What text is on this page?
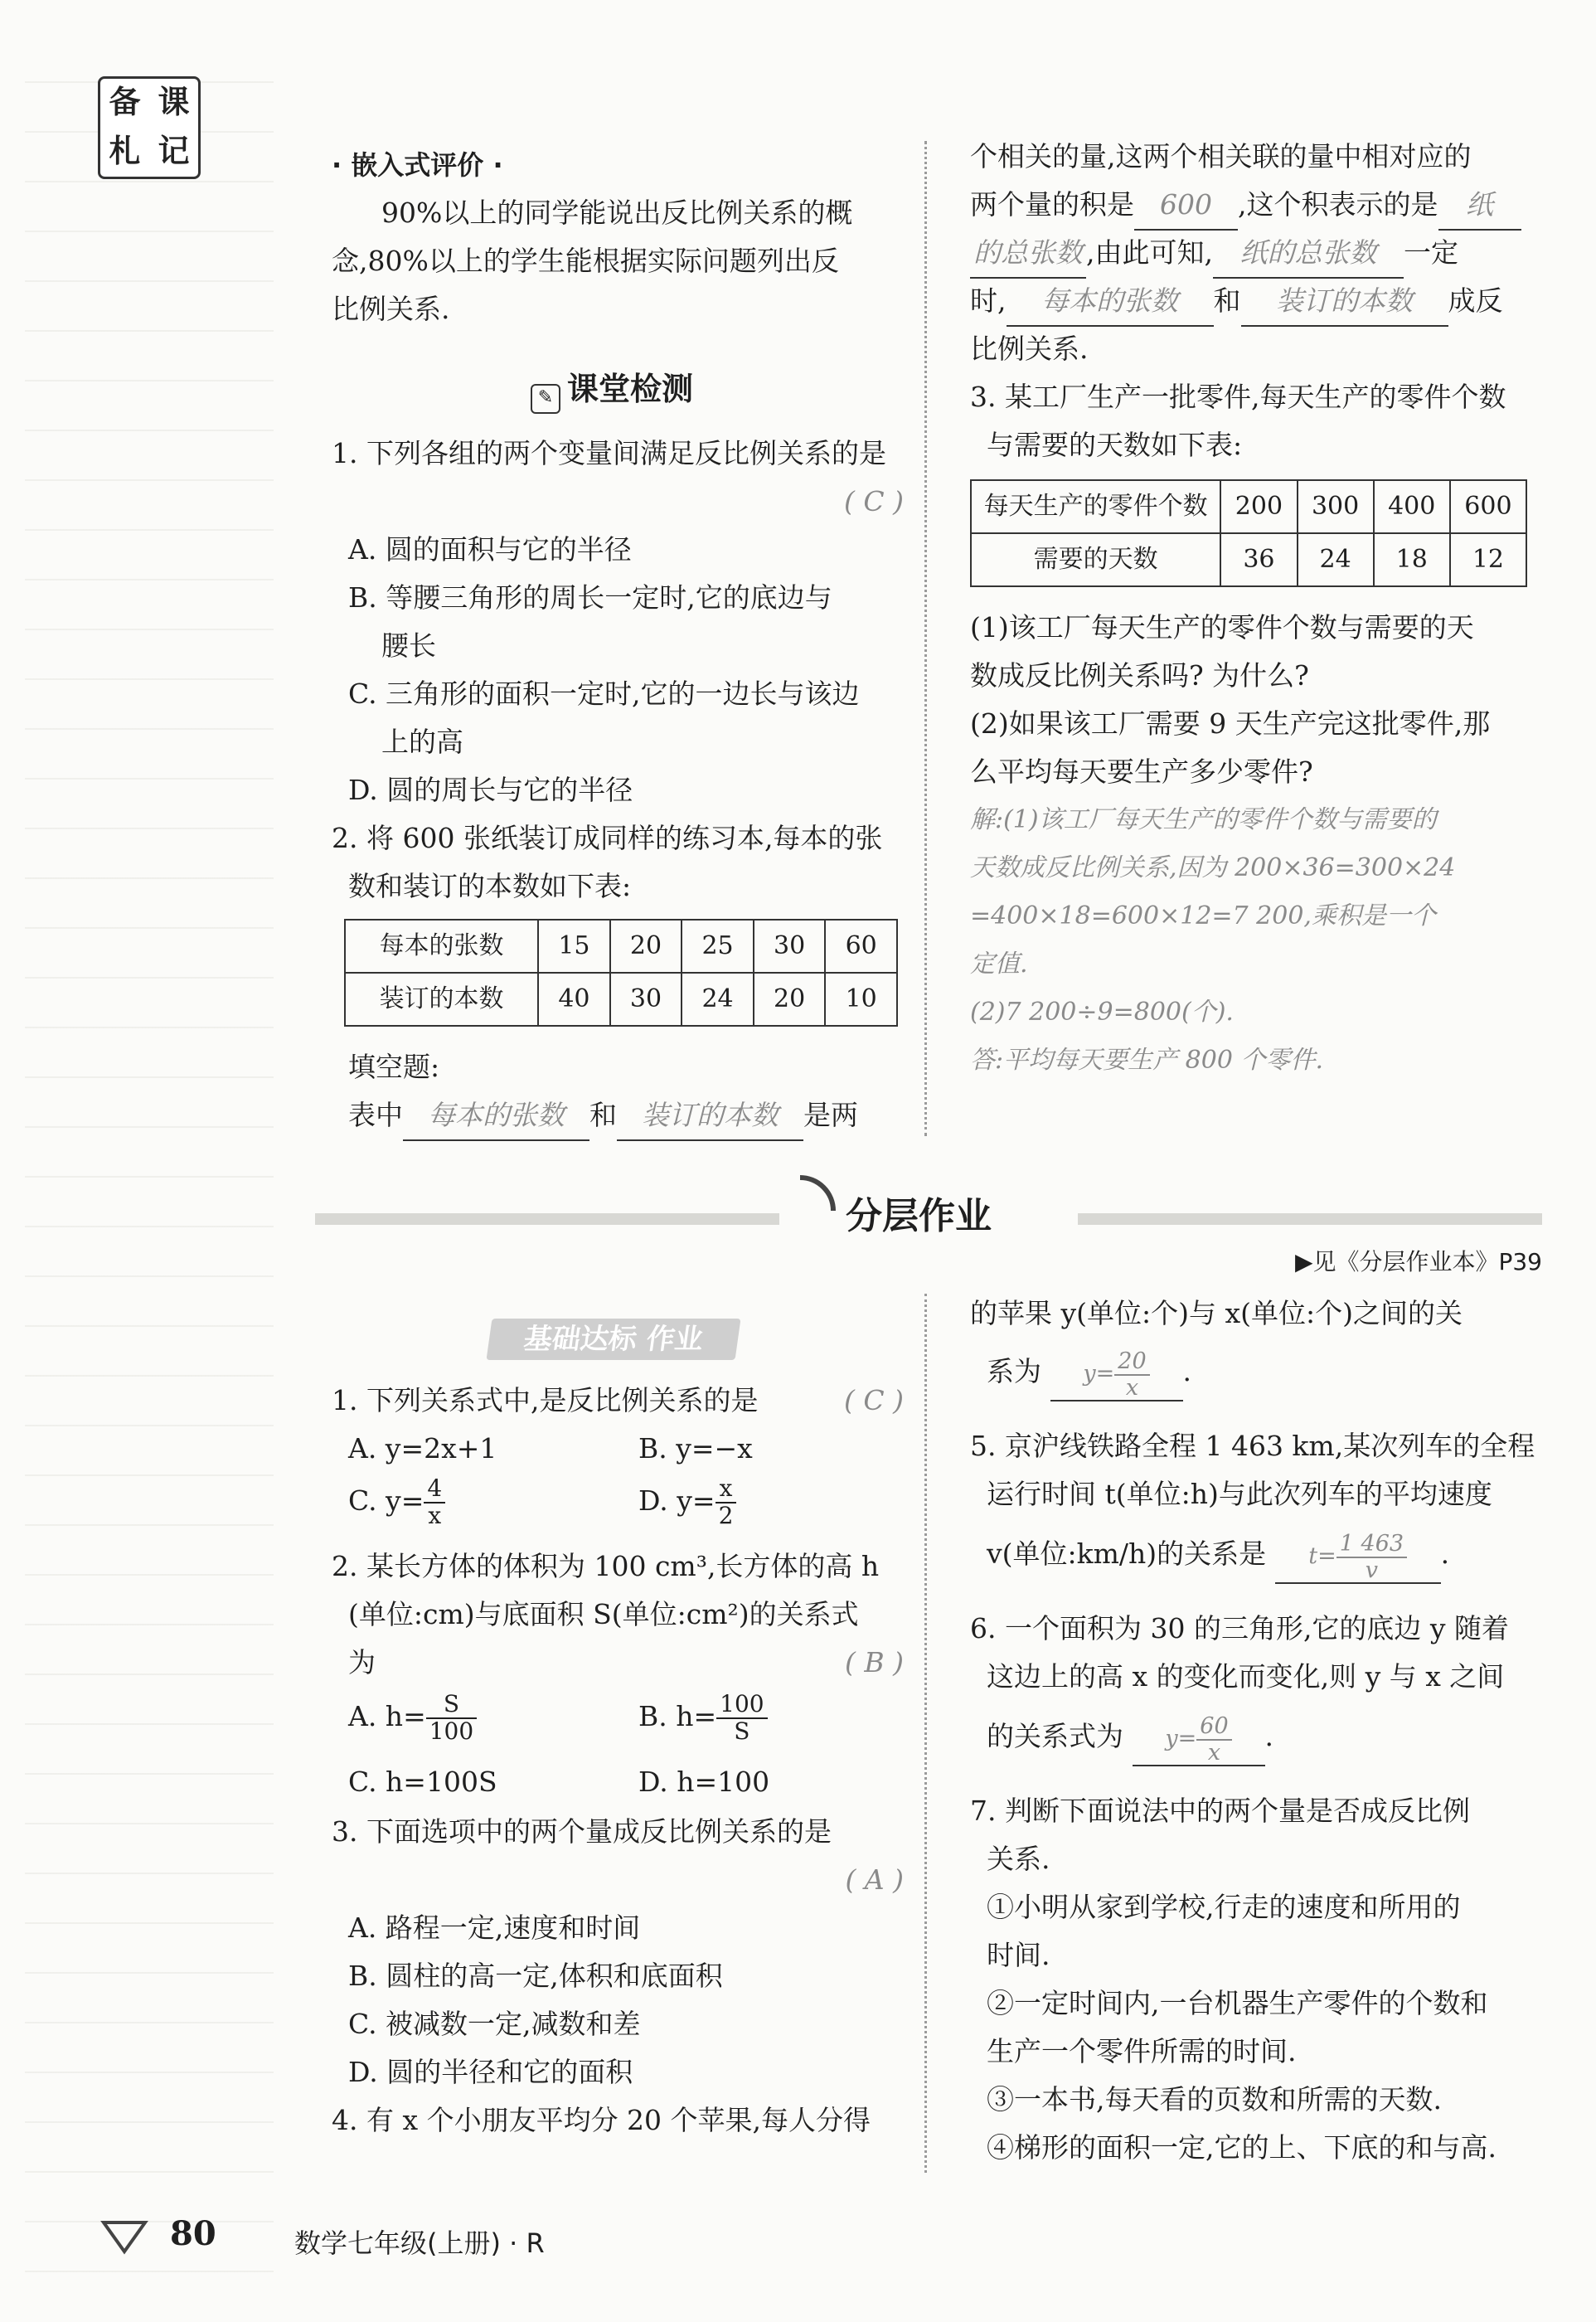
备 课
札 记	· 嵌入式评价 ·
90%以上的同学能说出反比例关系的概
念,80%以上的学生能根据实际问题列出反
比例关系.
✎ 课堂检测
1. 下列各组的两个变量间满足反比例关系的是
( C )
A. 圆的面积与它的半径
B. 等腰三角形的周长一定时,它的底边与
腰长
C. 三角形的面积一定时,它的一边长与该边
上的高
D. 圆的周长与它的半径
2. 将 600 张纸装订成同样的练习本,每本的张
数和装订的本数如下表:
每本的张数	15	20	25	30	60
装订的本数	40	30	24	20	10
填空题:
表中 每本的张数 和 装订的本数 是两
个相关的量,这两个相关联的量中相对应的
两个量的积是 600 ,这个积表示的是 纸
的总张数 ,由此可知, 纸的总张数 一定
时, 每本的张数 和 装订的本数 成反
比例关系.
3. 某工厂生产一批零件,每天生产的零件个数
与需要的天数如下表:
每天生产的零件个数	200	300	400	600
需要的天数	36	24	18	12
(1)该工厂每天生产的零件个数与需要的天
数成反比例关系吗? 为什么?
(2)如果该工厂需要 9 天生产完这批零件,那
么平均每天要生产多少零件?
解:(1)该工厂每天生产的零件个数与需要的
天数成反比例关系,因为 200×36=300×24
=400×18=600×12=7 200,乘积是一个
定值.
(2)7 200÷9=800(个).
答:平均每天要生产 800 个零件.
分层作业
▶见《分层作业本》P39
基础达标 作业
1. 下列关系式中,是反比例关系的是	( C )
A. y=2x+1	B. y=−x
C. $y= \frac{4}{x}$	D. $y= \frac{x}{2}$
2. 某长方体的体积为 100 cm³,长方体的高 h
(单位:cm)与底面积 S(单位:cm²)的关系式
为	( B )
A. $h= \frac{S}{100}$	B. $h= \frac{100}{S}$
C. h=100S	D. h=100
3. 下面选项中的两个量成反比例关系的是
( A )
A. 路程一定,速度和时间
B. 圆柱的高一定,体积和底面积
C. 被减数一定,减数和差
D. 圆的半径和它的面积
4. 有 x 个小朋友平均分 20 个苹果,每人分得
的苹果 y(单位:个)与 x(单位:个)之间的关
系为 $y= \frac{20}{x}$ .
5. 京沪线铁路全程 1 463 km,某次列车的全程
运行时间 t(单位:h)与此次列车的平均速度
v(单位:km/h)的关系是 $t= \frac{1 463}{v}$ .
6. 一个面积为 30 的三角形,它的底边 y 随着
这边上的高 x 的变化而变化,则 y 与 x 之间
的关系式为 $y= \frac{60}{x}$ .
7. 判断下面说法中的两个量是否成反比例
关系.
①小明从家到学校,行走的速度和所用的
时间.
②一定时间内,一台机器生产零件的个数和
生产一个零件所需的时间.
③一本书,每天看的页数和所需的天数.
④梯形的面积一定,它的上、下底的和与高.
80	数学七年级(上册) · R
